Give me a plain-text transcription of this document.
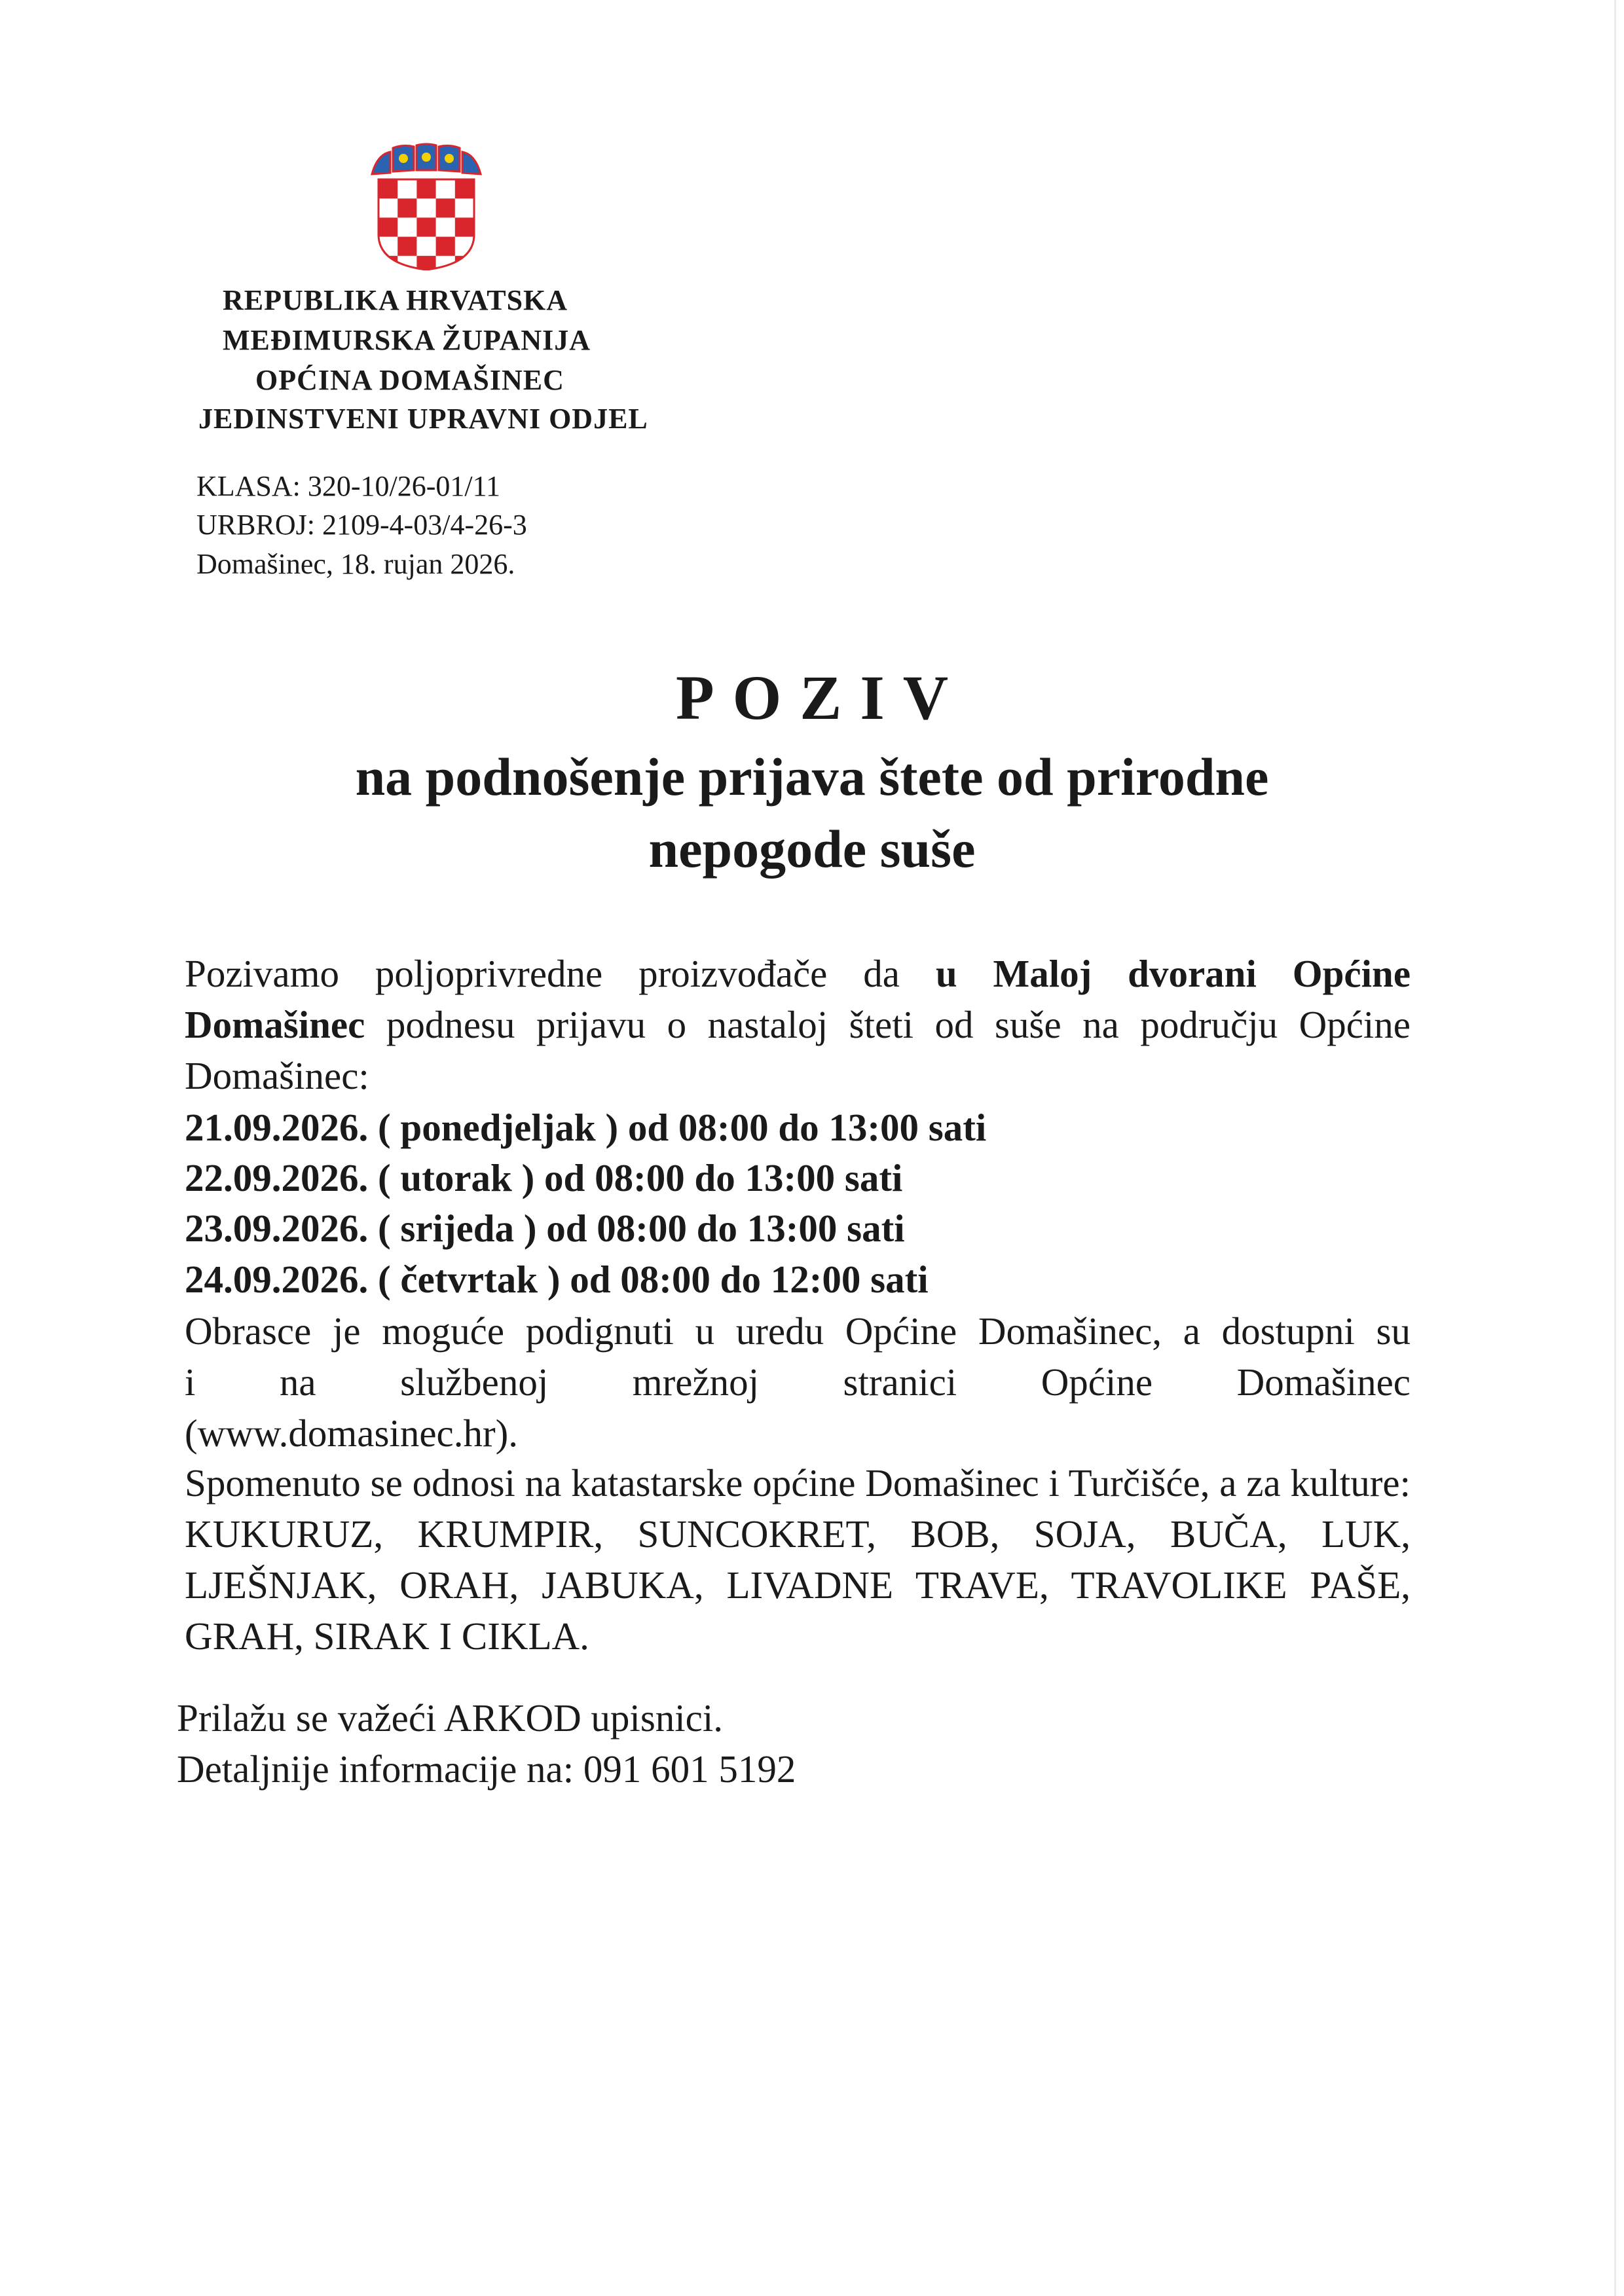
REPUBLIKA HRVATSKA
MEĐIMURSKA ŽUPANIJA
OPĆINA DOMAŠINEC
JEDINSTVENI UPRAVNI ODJEL
KLASA: 320-10/26-01/11
URBROJ: 2109-4-03/4-26-3
Domašinec, 18. rujan 2026.
POZIV
na podnošenje prijava štete od prirodne
nepogode suše
Pozivamo poljoprivredne proizvođače da u Maloj dvorani Općine Domašinec podnesu prijavu o nastaloj šteti od suše na području Općine Domašinec:
21.09.2026. ( ponedjeljak ) od 08:00 do 13:00 sati
22.09.2026. ( utorak ) od 08:00 do 13:00 sati
23.09.2026. ( srijeda ) od 08:00 do 13:00 sati
24.09.2026. ( četvrtak ) od 08:00 do 12:00 sati
Obrasce je moguće podignuti u uredu Općine Domašinec, a dostupni su
i na službenoj mrežnoj stranici Općine Domašinec
(www.domasinec.hr).
Spomenuto se odnosi na katastarske općine Domašinec i Turčišće, a za kulture: KUKURUZ, KRUMPIR, SUNCOKRET, BOB, SOJA, BUČA, LUK, LJEŠNJAK, ORAH, JABUKA, LIVADNE TRAVE, TRAVOLIKE PAŠE, GRAH, SIRAK I CIKLA.
Prilažu se važeći ARKOD upisnici.
Detaljnije informacije na: 091 601 5192
